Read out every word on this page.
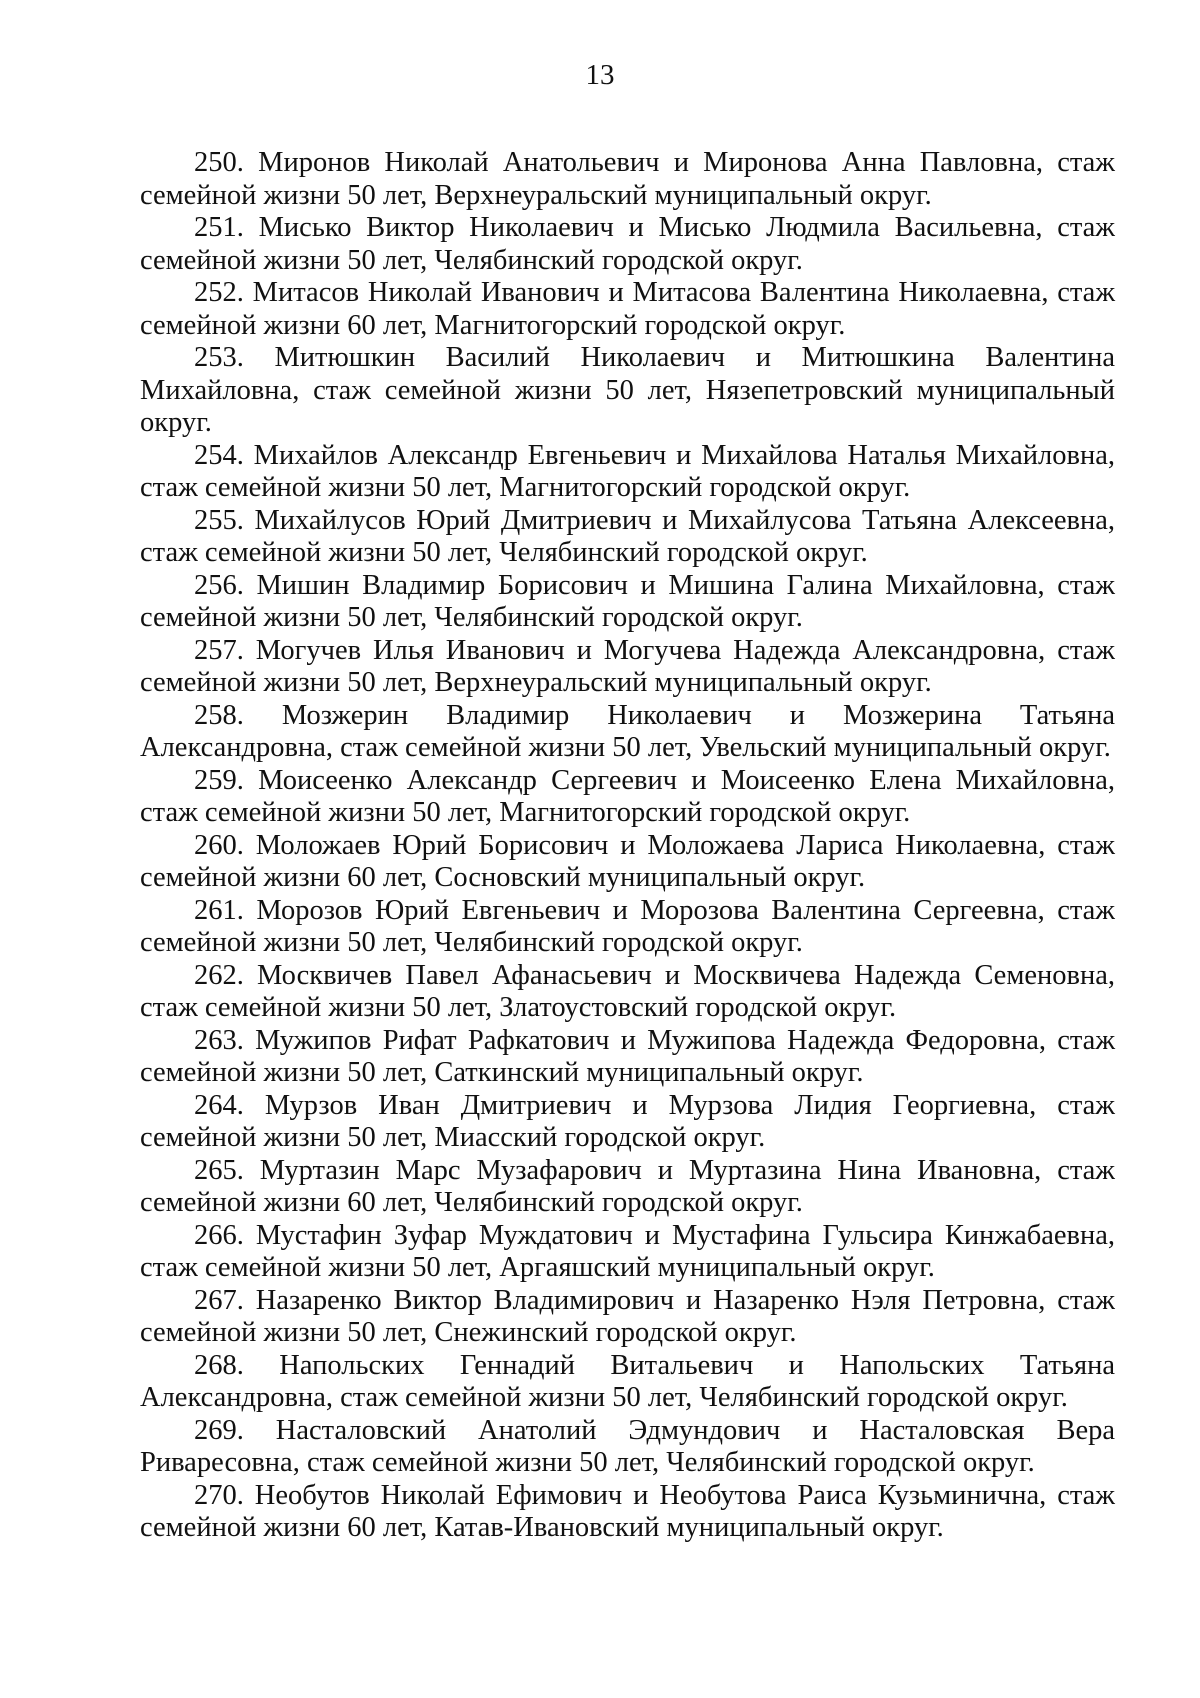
13

250. Миронов Николай Анатольевич и Миронова Анна Павловна, стаж семейной жизни 50 лет, Верхнеуральский муниципальный округ.

251. Мисько Виктор Николаевич и Мисько Людмила Васильевна, стаж семейной жизни 50 лет, Челябинский городской округ.

252. Митасов Николай Иванович и Митасова Валентина Николаевна, стаж семейной жизни 60 лет, Магнитогорский городской округ.

253. Митюшкин Василий Николаевич и Митюшкина Валентина Михайловна, стаж семейной жизни 50 лет, Нязепетровский муниципальный округ.

254. Михайлов Александр Евгеньевич и Михайлова Наталья Михайловна, стаж семейной жизни 50 лет, Магнитогорский городской округ.

255. Михайлусов Юрий Дмитриевич и Михайлусова Татьяна Алексеевна, стаж семейной жизни 50 лет, Челябинский городской округ.

256. Мишин Владимир Борисович и Мишина Галина Михайловна, стаж семейной жизни 50 лет, Челябинский городской округ.

257. Могучев Илья Иванович и Могучева Надежда Александровна, стаж семейной жизни 50 лет, Верхнеуральский муниципальный округ.

258. Мозжерин Владимир Николаевич и Мозжерина Татьяна Александровна, стаж семейной жизни 50 лет, Увельский муниципальный округ.

259. Моисеенко Александр Сергеевич и Моисеенко Елена Михайловна, стаж семейной жизни 50 лет, Магнитогорский городской округ.

260. Моложаев Юрий Борисович и Моложаева Лариса Николаевна, стаж семейной жизни 60 лет, Сосновский муниципальный округ.

261. Морозов Юрий Евгеньевич и Морозова Валентина Сергеевна, стаж семейной жизни 50 лет, Челябинский городской округ.

262. Москвичев Павел Афанасьевич и Москвичева Надежда Семеновна, стаж семейной жизни 50 лет, Златоустовский городской округ.

263. Мужипов Рифат Рафкатович и Мужипова Надежда Федоровна, стаж семейной жизни 50 лет, Саткинский муниципальный округ.

264. Мурзов Иван Дмитриевич и Мурзова Лидия Георгиевна, стаж семейной жизни 50 лет, Миасский городской округ.

265. Муртазин Марс Музафарович и Муртазина Нина Ивановна, стаж семейной жизни 60 лет, Челябинский городской округ.

266. Мустафин Зуфар Муждатович и Мустафина Гульсира Кинжабаевна, стаж семейной жизни 50 лет, Аргаяшский муниципальный округ.

267. Назаренко Виктор Владимирович и Назаренко Нэля Петровна, стаж семейной жизни 50 лет, Снежинский городской округ.

268. Напольских Геннадий Витальевич и Напольских Татьяна Александровна, стаж семейной жизни 50 лет, Челябинский городской округ.

269. Насталовский Анатолий Эдмундович и Насталовская Вера Риваресовна, стаж семейной жизни 50 лет, Челябинский городской округ.

270. Необутов Николай Ефимович и Необутова Раиса Кузьминична, стаж семейной жизни 60 лет, Катав-Ивановский муниципальный округ.
